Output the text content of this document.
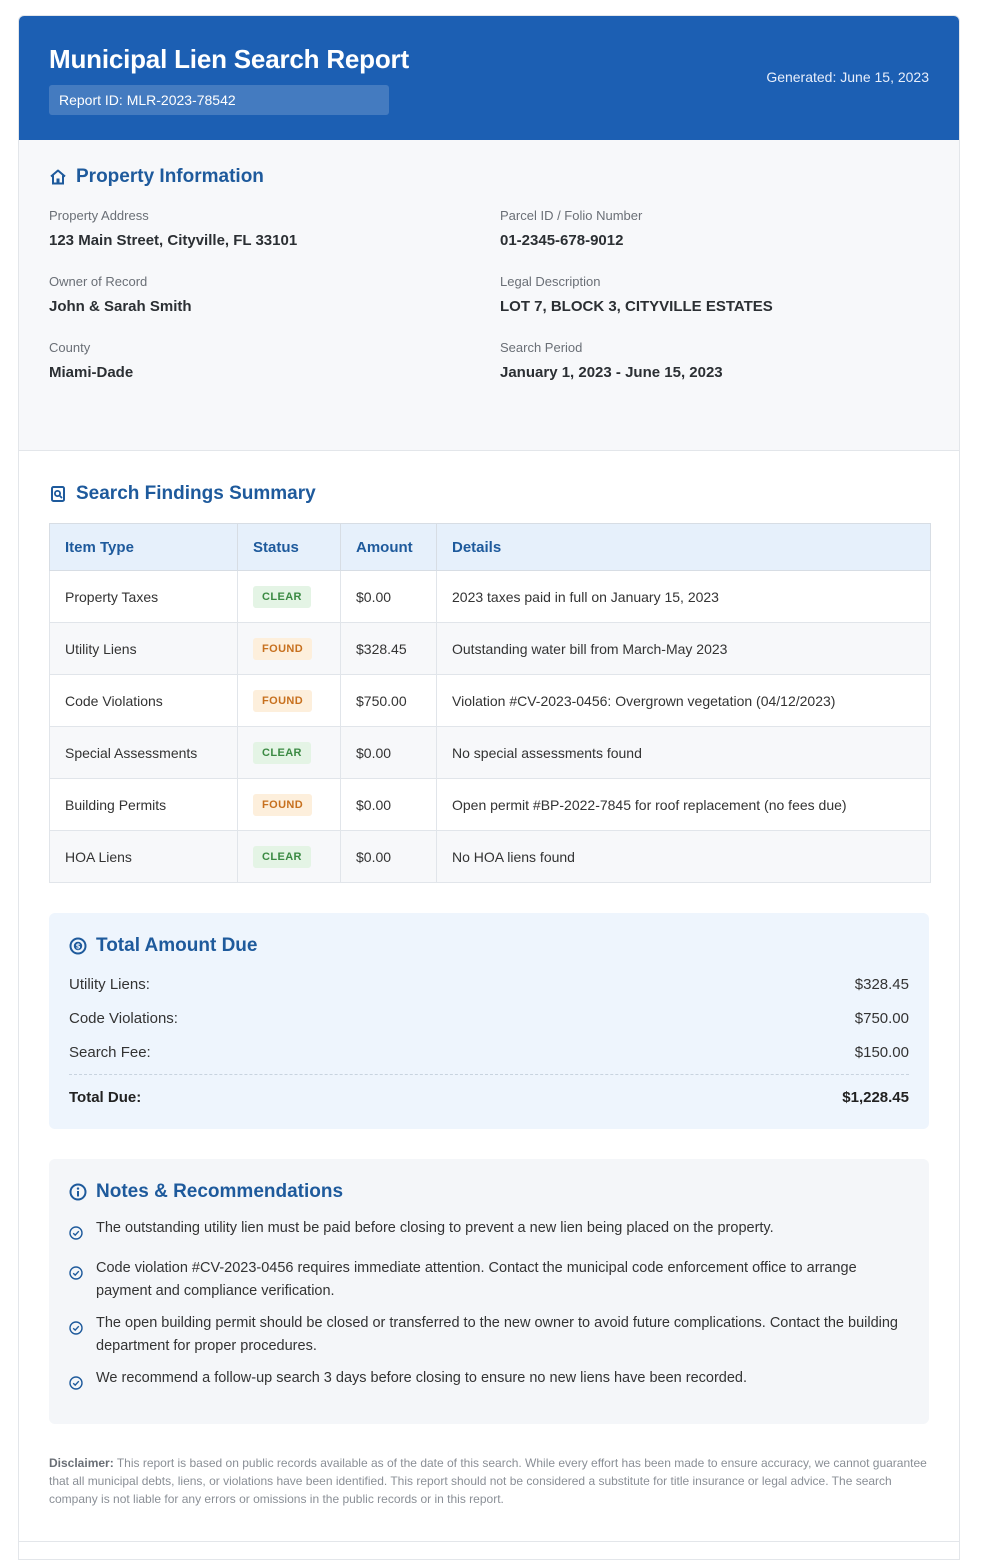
Municipal Lien Search Report
Report ID: MLR-2023-78542
Generated: June 15, 2023
Property Information
Property Address
123 Main Street, Cityville, FL 33101
Parcel ID / Folio Number
01-2345-678-9012
Owner of Record
John & Sarah Smith
Legal Description
LOT 7, BLOCK 3, CITYVILLE ESTATES
County
Miami-Dade
Search Period
January 1, 2023 - June 15, 2023
Search Findings Summary
Item Type	Status	Amount	Details
Property Taxes	CLEAR	$0.00	2023 taxes paid in full on January 15, 2023
Utility Liens	FOUND	$328.45	Outstanding water bill from March-May 2023
Code Violations	FOUND	$750.00	Violation #CV-2023-0456: Overgrown vegetation (04/12/2023)
Special Assessments	CLEAR	$0.00	No special assessments found
Building Permits	FOUND	$0.00	Open permit #BP-2022-7845 for roof replacement (no fees due)
HOA Liens	CLEAR	$0.00	No HOA liens found
$ Total Amount Due
Utility Liens:	$328.45
Code Violations:	$750.00
Search Fee:	$150.00
Total Due:	$1,228.45
Notes & Recommendations
The outstanding utility lien must be paid before closing to prevent a new lien being placed on the property.
Code violation #CV-2023-0456 requires immediate attention. Contact the municipal code enforcement office to arrange payment and compliance verification.
The open building permit should be closed or transferred to the new owner to avoid future complications. Contact the building department for proper procedures.
We recommend a follow-up search 3 days before closing to ensure no new liens have been recorded.
Disclaimer: This report is based on public records available as of the date of this search. While every effort has been made to ensure accuracy, we cannot guarantee that all municipal debts, liens, or violations have been identified. This report should not be considered a substitute for title insurance or legal advice. The search company is not liable for any errors or omissions in the public records or in this report.
